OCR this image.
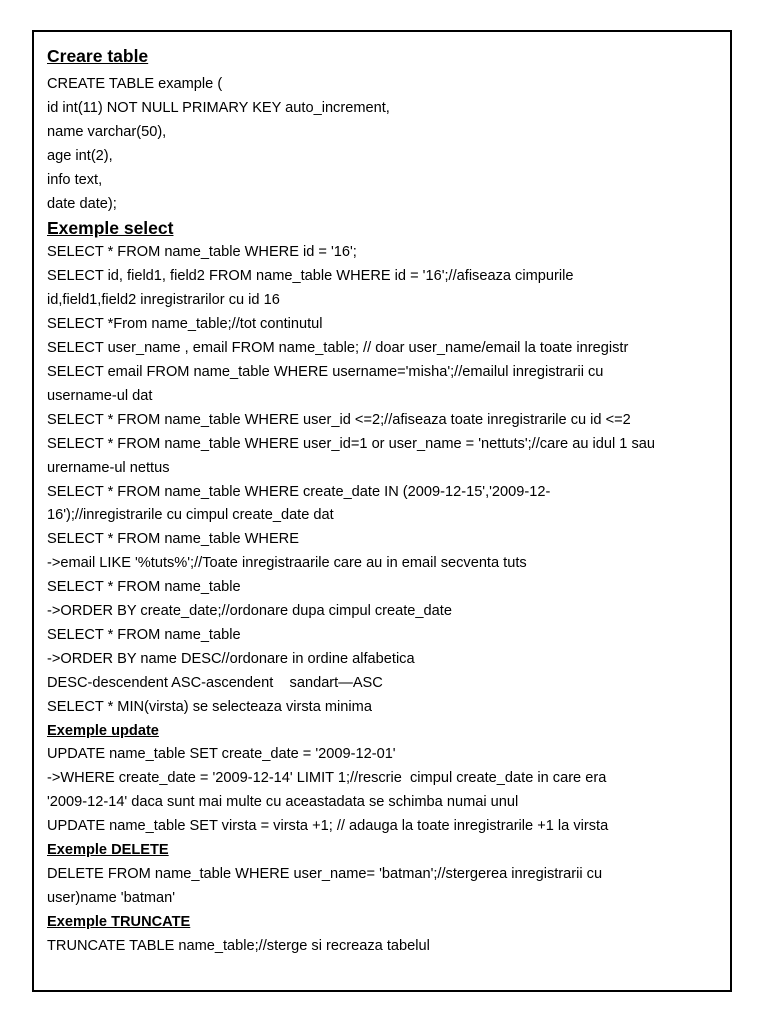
Creare table
CREATE TABLE example (
id int(11) NOT NULL PRIMARY KEY auto_increment,
name varchar(50),
age int(2),
info text,
date date);
Exemple select
SELECT * FROM name_table WHERE id = '16';
SELECT id, field1, field2 FROM name_table WHERE id = '16';//afiseaza cimpurile
id,field1,field2 inregistrarilor cu id 16
SELECT *From name_table;//tot continutul
SELECT user_name , email FROM name_table; // doar user_name/email la toate inregistr
SELECT email FROM name_table WHERE username='misha';//emailul inregistrarii cu
username-ul dat
SELECT * FROM name_table WHERE user_id <=2;//afiseaza toate inregistrarile cu id <=2
SELECT * FROM name_table WHERE user_id=1 or user_name = 'nettuts';//care au idul 1 sau
urername-ul nettus
SELECT * FROM name_table WHERE create_date IN (2009-12-15','2009-12-
16');//inregistrarile cu cimpul create_date dat
SELECT * FROM name_table WHERE
->email LIKE '%tuts%';//Toate inregistraarile care au in email secventa tuts
SELECT * FROM name_table
->ORDER BY create_date;//ordonare dupa cimpul create_date
SELECT * FROM name_table
->ORDER BY name DESC//ordonare in ordine alfabetica
DESC-descendent ASC-ascendent    sandart—ASC
SELECT * MIN(virsta) se selecteaza virsta minima
Exemple update
UPDATE name_table SET create_date = '2009-12-01'
->WHERE create_date = '2009-12-14' LIMIT 1;//rescrie  cimpul create_date in care era
'2009-12-14' daca sunt mai multe cu aceastadata se schimba numai unul
UPDATE name_table SET virsta = virsta +1; // adauga la toate inregistrarile +1 la virsta
Exemple DELETE
DELETE FROM name_table WHERE user_name= 'batman';//stergerea inregistrarii cu
user)name 'batman'
Exemple TRUNCATE
TRUNCATE TABLE name_table;//sterge si recreaza tabelul
